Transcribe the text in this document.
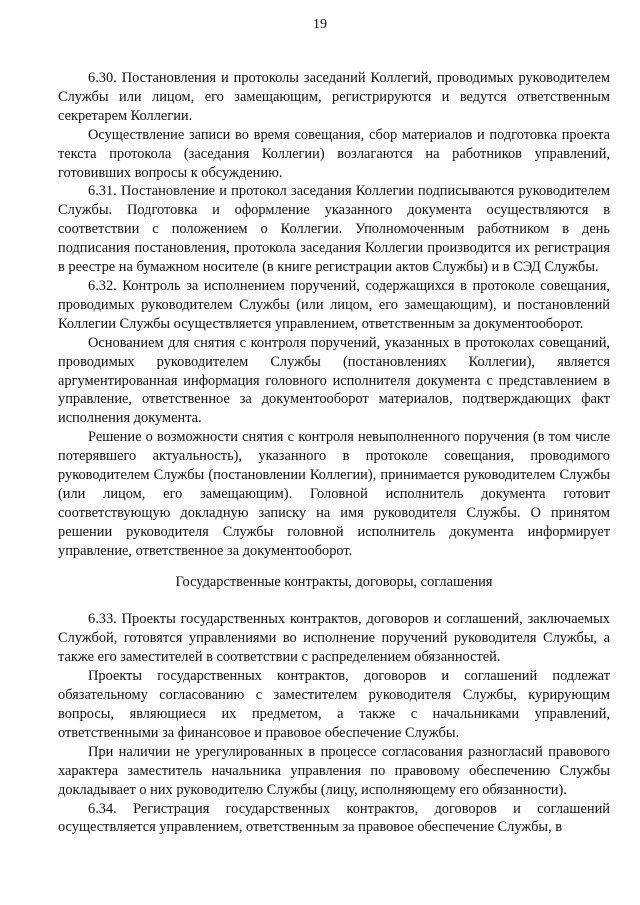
19

6.30. Постановления и протоколы заседаний Коллегий, проводимых руководителем Службы или лицом, его замещающим, регистрируются и ведутся ответственным секретарем Коллегии.

Осуществление записи во время совещания, сбор материалов и подготовка проекта текста протокола (заседания Коллегии) возлагаются на работников управлений, готовивших вопросы к обсуждению.

6.31. Постановление и протокол заседания Коллегии подписываются руководителем Службы. Подготовка и оформление указанного документа осуществляются в соответствии с положением о Коллегии. Уполномоченным работником в день подписания постановления, протокола заседания Коллегии производится их регистрация в реестре на бумажном носителе (в книге регистрации актов Службы) и в СЭД Службы.

6.32. Контроль за исполнением поручений, содержащихся в протоколе совещания, проводимых руководителем Службы (или лицом, его замещающим), и постановлений Коллегии Службы осуществляется управлением, ответственным за документооборот.

Основанием для снятия с контроля поручений, указанных в протоколах совещаний, проводимых руководителем Службы (постановлениях Коллегии), является аргументированная информация головного исполнителя документа с представлением в управление, ответственное за документооборот материалов, подтверждающих факт исполнения документа.

Решение о возможности снятия с контроля невыполненного поручения (в том числе потерявшего актуальность), указанного в протоколе совещания, проводимого руководителем Службы (постановлении Коллегии), принимается руководителем Службы (или лицом, его замещающим). Головной исполнитель документа готовит соответствующую докладную записку на имя руководителя Службы. О принятом решении руководителя Службы головной исполнитель документа информирует управление, ответственное за документооборот.

Государственные контракты, договоры, соглашения

6.33. Проекты государственных контрактов, договоров и соглашений, заключаемых Службой, готовятся управлениями во исполнение поручений руководителя Службы, а также его заместителей в соответствии с распределением обязанностей.

Проекты государственных контрактов, договоров и соглашений подлежат обязательному согласованию с заместителем руководителя Службы, курирующим вопросы, являющиеся их предметом, а также с начальниками управлений, ответственными за финансовое и правовое обеспечение Службы.

При наличии не урегулированных в процессе согласования разногласий правового характера заместитель начальника управления по правовому обеспечению Службы докладывает о них руководителю Службы (лицу, исполняющему его обязанности).

6.34. Регистрация государственных контрактов, договоров и соглашений осуществляется управлением, ответственным за правовое обеспечение Службы, в
